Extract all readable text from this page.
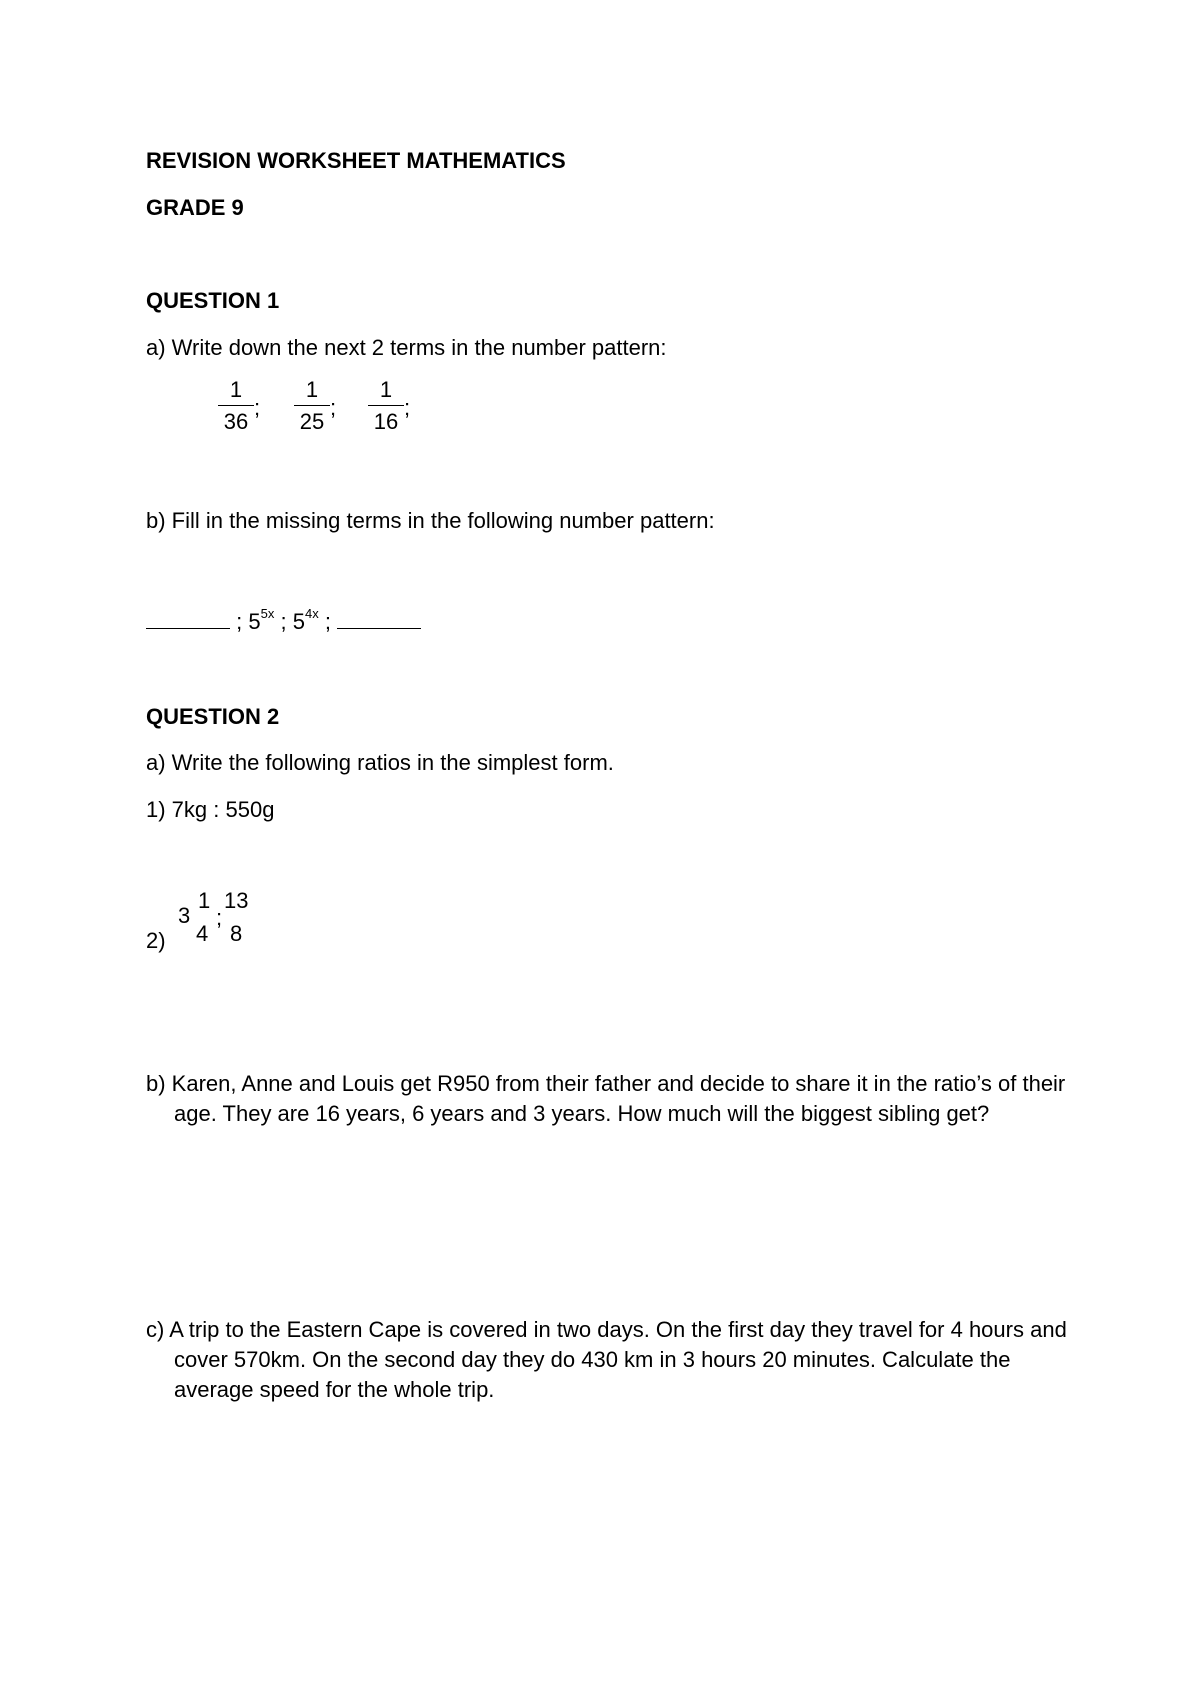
REVISION WORKSHEET MATHEMATICS
GRADE 9
QUESTION 1
a) Write down the next 2 terms in the number pattern:
1
36
;
1
25
;
1
16
;
b) Fill in the missing terms in the following number pattern:
; $5^{5x}$ ; $5^{4x}$ ;
QUESTION 2
a) Write the following ratios in the simplest form.
1) 7kg : 550g
2)
3
1
4
;
13
8
b) Karen, Anne and Louis get R950 from their father and decide to share it in the ratio’s of their age. They are 16 years, 6 years and 3 years. How much will the biggest sibling get?
c) A trip to the Eastern Cape is covered in two days. On the first day they travel for 4 hours and cover 570km. On the second day they do 430 km in 3 hours 20 minutes. Calculate the average speed for the whole trip.
